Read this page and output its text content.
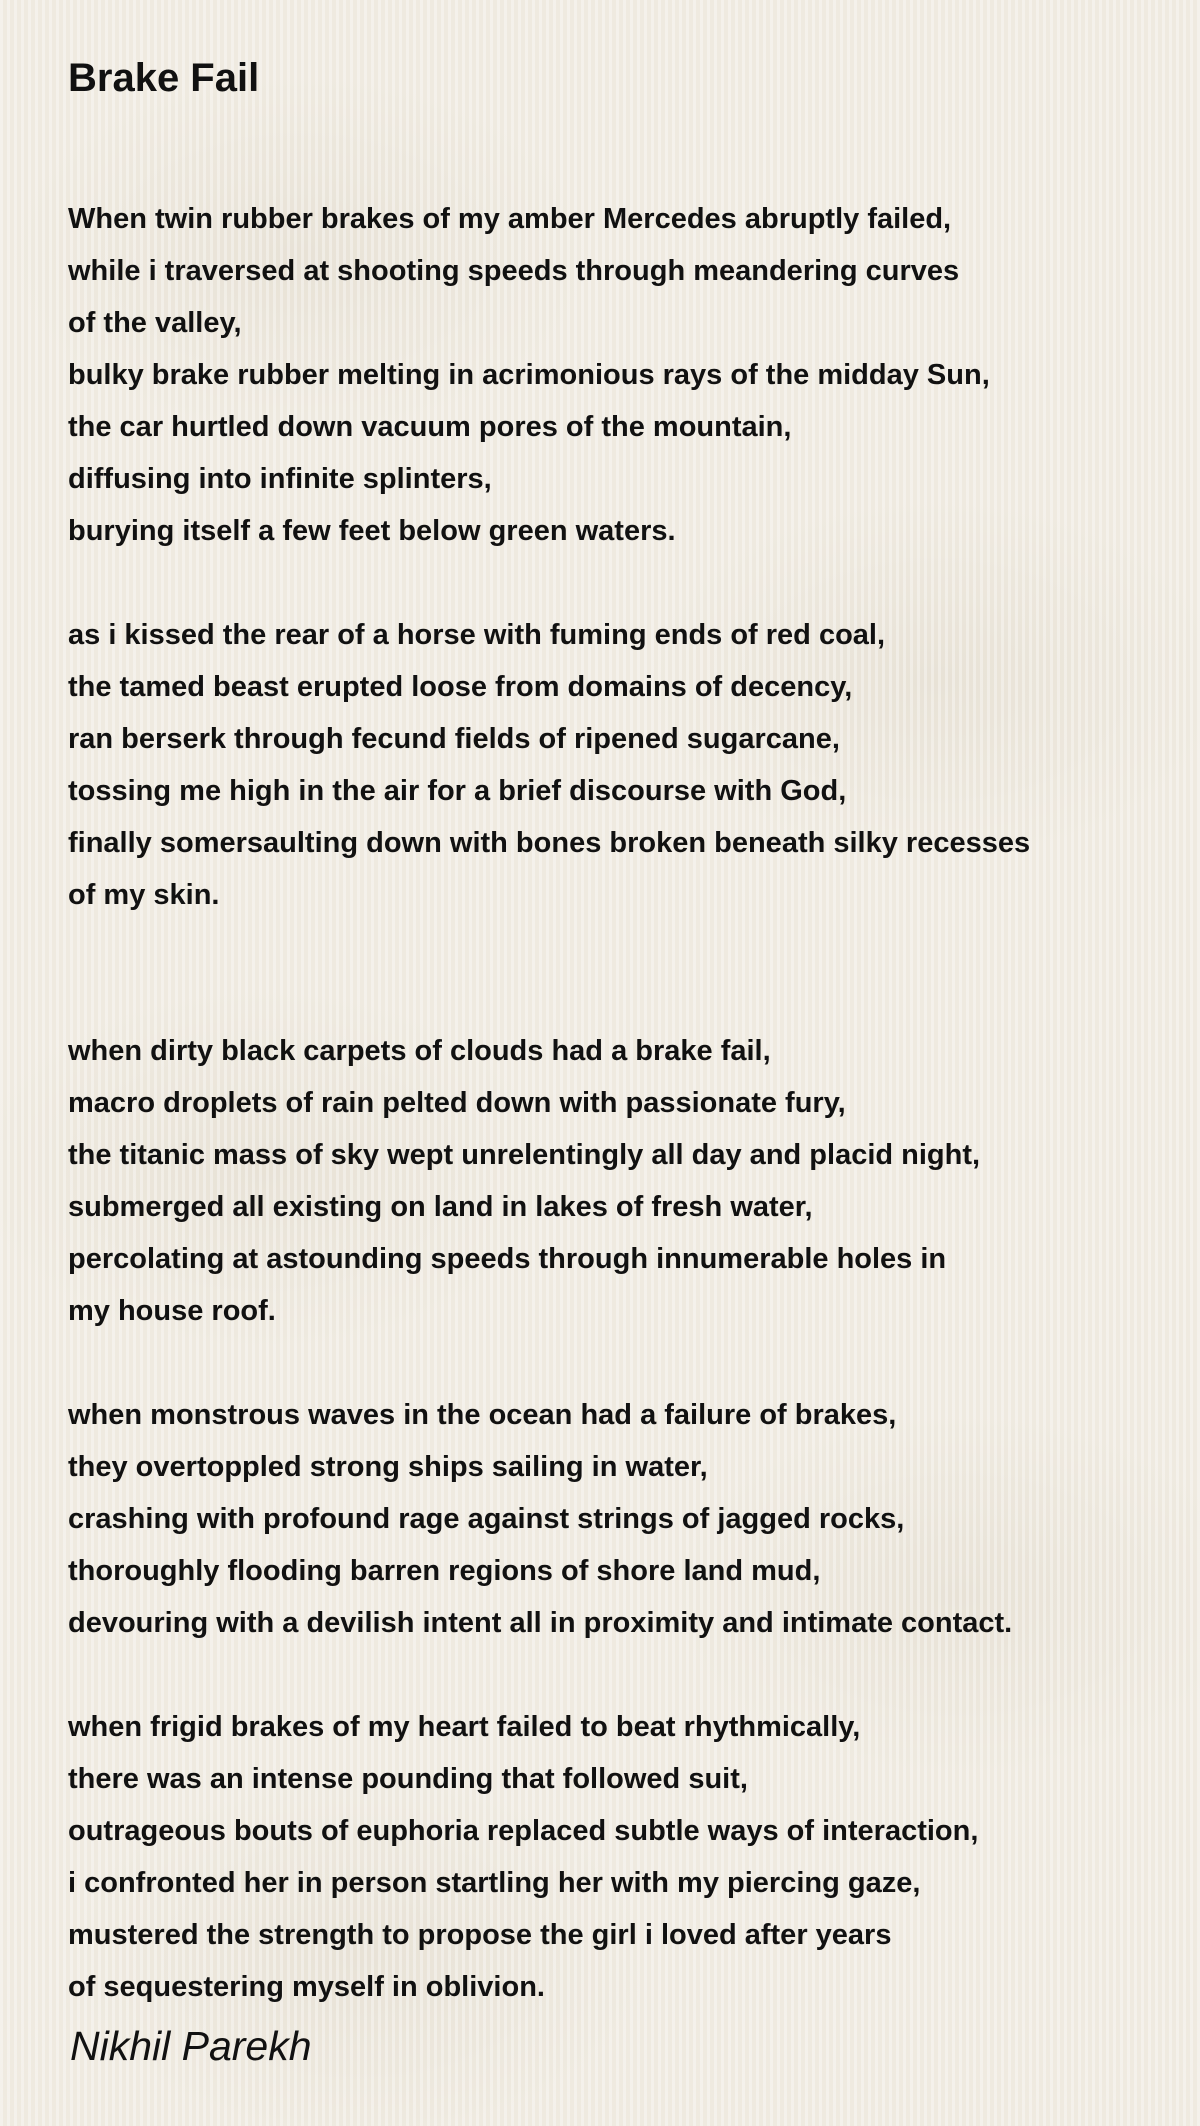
Brake Fail
When twin rubber brakes of my amber Mercedes abruptly failed,
while i traversed at shooting speeds through meandering curves
of the valley,
bulky brake rubber melting in acrimonious rays of the midday Sun,
the car hurtled down vacuum pores of the mountain,
diffusing into infinite splinters,
burying itself a few feet below green waters.
as i kissed the rear of a horse with fuming ends of red coal,
the tamed beast erupted loose from domains of decency,
ran berserk through fecund fields of ripened sugarcane,
tossing me high in the air for a brief discourse with God,
finally somersaulting down with bones broken beneath silky recesses
of my skin.
when dirty black carpets of clouds had a brake fail,
macro droplets of rain pelted down with passionate fury,
the titanic mass of sky wept unrelentingly all day and placid night,
submerged all existing on land in lakes of fresh water,
percolating at astounding speeds through innumerable holes in
my house roof.
when monstrous waves in the ocean had a failure of brakes,
they overtoppled strong ships sailing in water,
crashing with profound rage against strings of jagged rocks,
thoroughly flooding barren regions of shore land mud,
devouring with a devilish intent all in proximity and intimate contact.
when frigid brakes of my heart failed to beat rhythmically,
there was an intense pounding that followed suit,
outrageous bouts of euphoria replaced subtle ways of interaction,
i confronted her in person startling her with my piercing gaze,
mustered the strength to propose the girl i loved after years
of sequestering myself in oblivion.
Nikhil Parekh
